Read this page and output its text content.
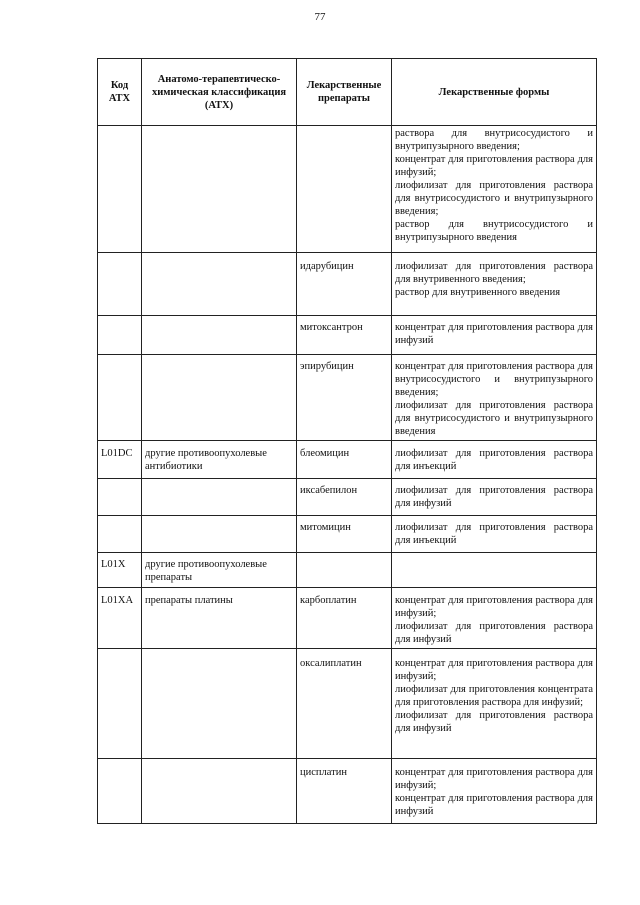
77
Код АТХ	Анатомо-терапевтическо-химическая классификация (АТХ)	Лекарственные препараты	Лекарственные формы

			раствора для внутрисосудистого и внутрипузырного введения;
концентрат для приготовления раствора для инфузий;
лиофилизат для приготовления раствора для внутрисосудистого и внутрипузырного введения;
раствор для внутрисосудистого и внутрипузырного введения

		идарубицин	лиофилизат для приготовления раствора для внутривенного введения;
раствор для внутривенного введения

		митоксантрон	концентрат для приготовления раствора для инфузий

		эпирубицин	концентрат для приготовления раствора для внутрисосудистого и внутрипузырного введения;
лиофилизат для приготовления раствора для внутрисосудистого и внутрипузырного введения

L01DC	другие противоопухолевые антибиотики	блеомицин	лиофилизат для приготовления раствора для инъекций

		иксабепилон	лиофилизат для приготовления раствора для инфузий

		митомицин	лиофилизат для приготовления раствора для инъекций

L01X	другие противоопухолевые препараты		
L01XA	препараты платины	карбоплатин	концентрат для приготовления раствора для инфузий;
лиофилизат для приготовления раствора для инфузий

		оксалиплатин	концентрат для приготовления раствора для инфузий;
лиофилизат для приготовления концентрата для приготовления раствора для инфузий;
лиофилизат для приготовления раствора для инфузий

		цисплатин	концентрат для приготовления раствора для инфузий;
концентрат для приготовления раствора для инфузий
